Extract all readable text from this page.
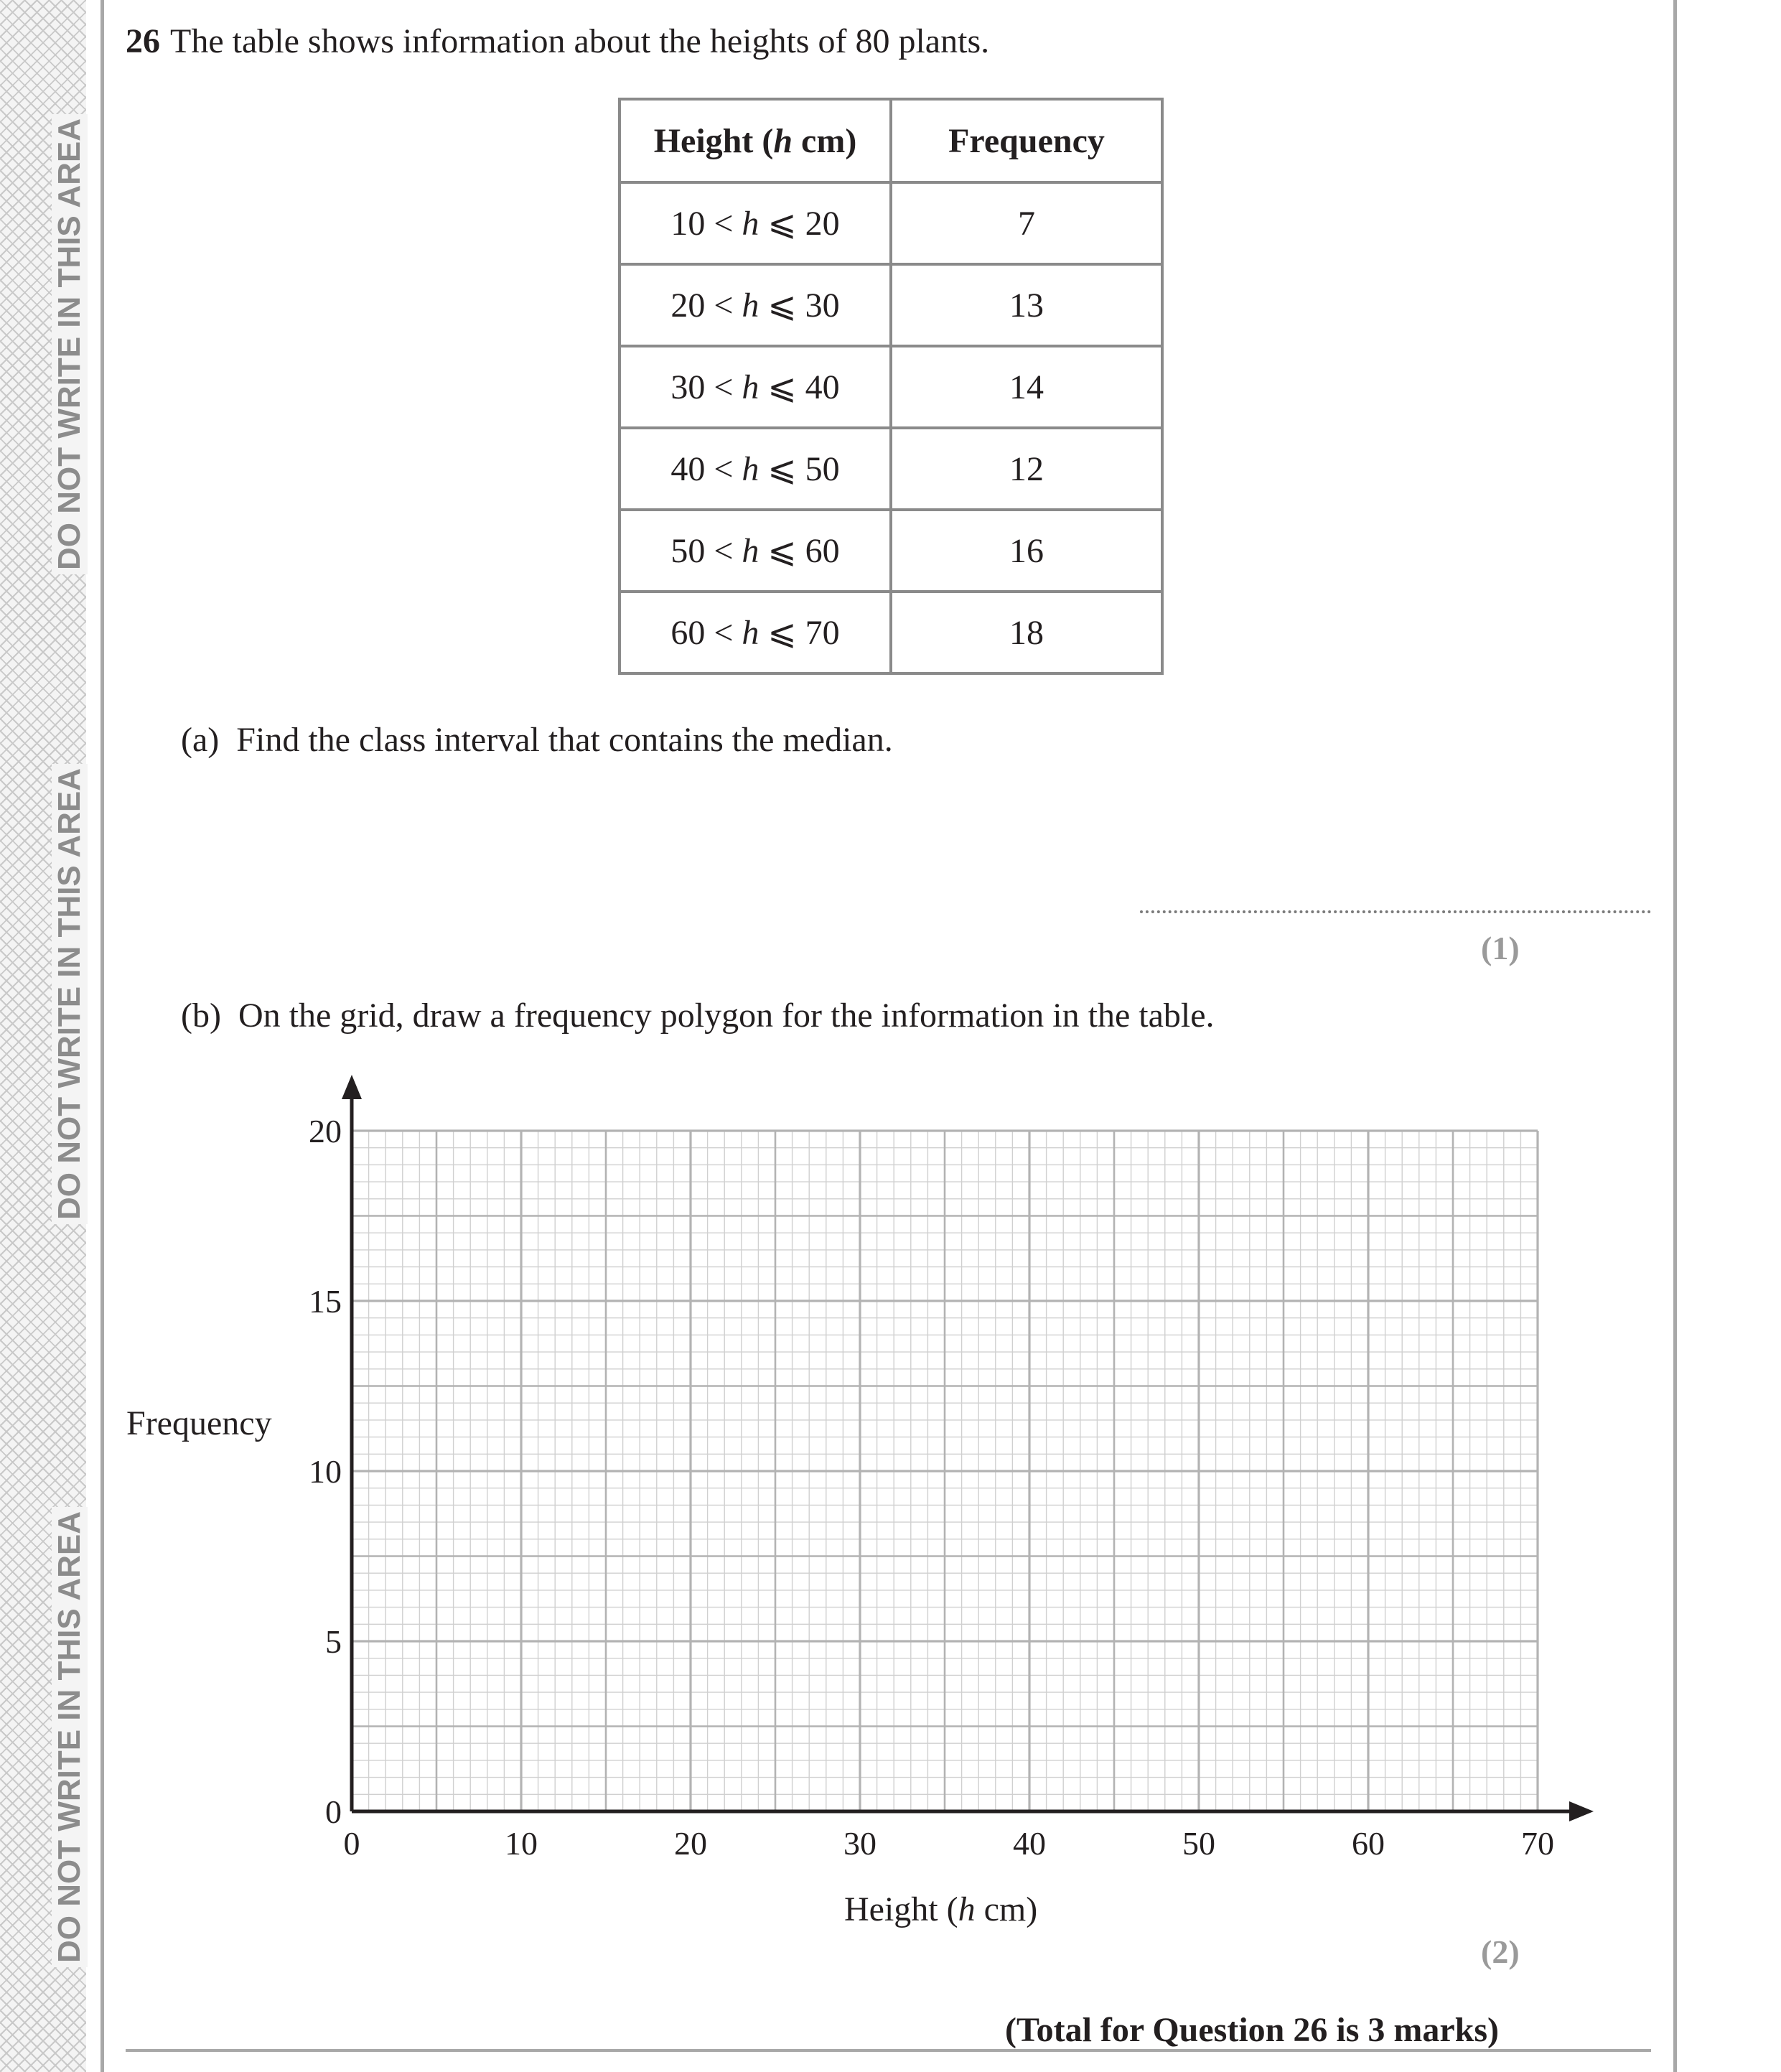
DO NOT WRITE IN THIS AREA
DO NOT WRITE IN THIS AREA
DO NOT WRITE IN THIS AREA
26 The table shows information about the heights of 80 plants.
Height (h cm)	Frequency
10 < h ⩽ 20	7
20 < h ⩽ 30	13
30 < h ⩽ 40	14
40 < h ⩽ 50	12
50 < h ⩽ 60	16
60 < h ⩽ 70	18
(a) Find the class interval that contains the median.
(1)
(b) On the grid, draw a frequency polygon for the information in the table.
0	10	20	30	40	50	60	70
0
5
10
15
20
Frequency
Height (h cm)
(2)
(Total for Question 26 is 3 marks)
